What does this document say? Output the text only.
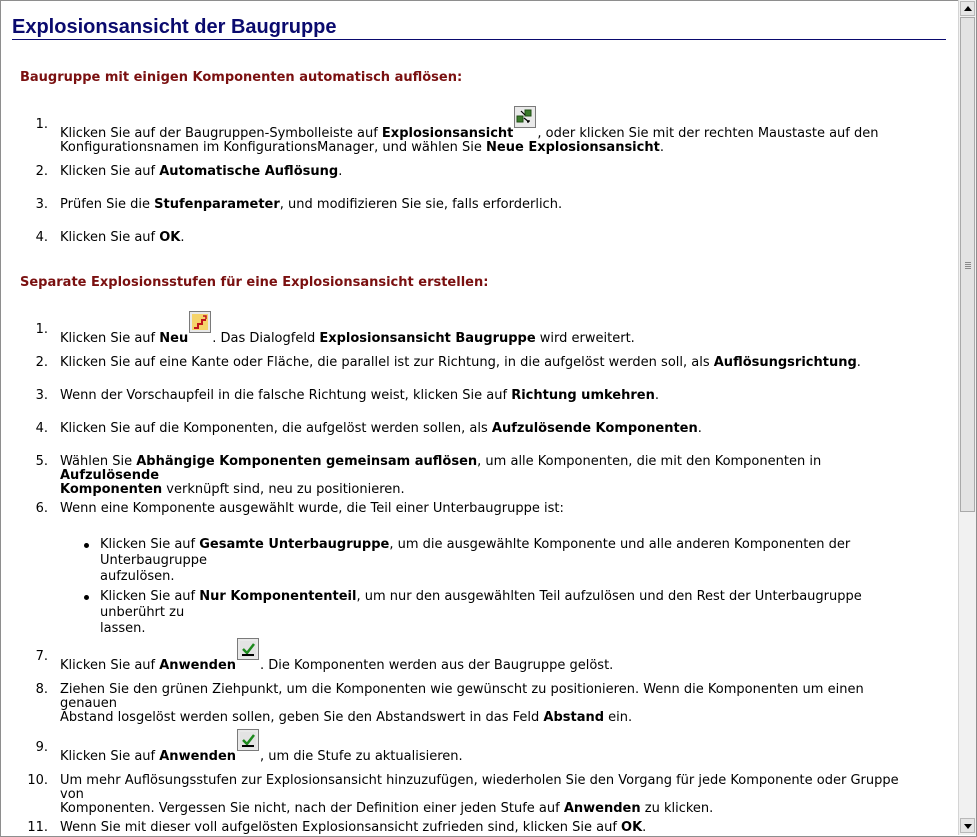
Explosionsansicht der Baugruppe
Baugruppe mit einigen Komponenten automatisch auflösen:
1.
Klicken Sie auf der Baugruppen-Symbolleiste auf Explosionsansicht , oder klicken Sie mit der rechten Maustaste auf den
Konfigurationsnamen im KonfigurationsManager, und wählen Sie Neue Explosionsansicht.
2. Klicken Sie auf Automatische Auflösung.
3. Prüfen Sie die Stufenparameter, und modifizieren Sie sie, falls erforderlich.
4. Klicken Sie auf OK.
Separate Explosionsstufen für eine Explosionsansicht erstellen:
1.
Klicken Sie auf Neu . Das Dialogfeld Explosionsansicht Baugruppe wird erweitert.
2. Klicken Sie auf eine Kante oder Fläche, die parallel ist zur Richtung, in die aufgelöst werden soll, als Auflösungsrichtung.
3. Wenn der Vorschaupfeil in die falsche Richtung weist, klicken Sie auf Richtung umkehren.
4. Klicken Sie auf die Komponenten, die aufgelöst werden sollen, als Aufzulösende Komponenten.
5. Wählen Sie Abhängige Komponenten gemeinsam auflösen, um alle Komponenten, die mit den Komponenten in Aufzulösende
Komponenten verknüpft sind, neu zu positionieren.
6. Wenn eine Komponente ausgewählt wurde, die Teil einer Unterbaugruppe ist:
Klicken Sie auf Gesamte Unterbaugruppe, um die ausgewählte Komponente und alle anderen Komponenten der Unterbaugruppe
aufzulösen.
Klicken Sie auf Nur Komponententeil, um nur den ausgewählten Teil aufzulösen und den Rest der Unterbaugruppe unberührt zu
lassen.
7.
Klicken Sie auf Anwenden . Die Komponenten werden aus der Baugruppe gelöst.
8. Ziehen Sie den grünen Ziehpunkt, um die Komponenten wie gewünscht zu positionieren. Wenn die Komponenten um einen genauen
Abstand losgelöst werden sollen, geben Sie den Abstandswert in das Feld Abstand ein.
9.
Klicken Sie auf Anwenden , um die Stufe zu aktualisieren.
10. Um mehr Auflösungsstufen zur Explosionsansicht hinzuzufügen, wiederholen Sie den Vorgang für jede Komponente oder Gruppe von
Komponenten. Vergessen Sie nicht, nach der Definition einer jeden Stufe auf Anwenden zu klicken.
11. Wenn Sie mit dieser voll aufgelösten Explosionsansicht zufrieden sind, klicken Sie auf OK.
